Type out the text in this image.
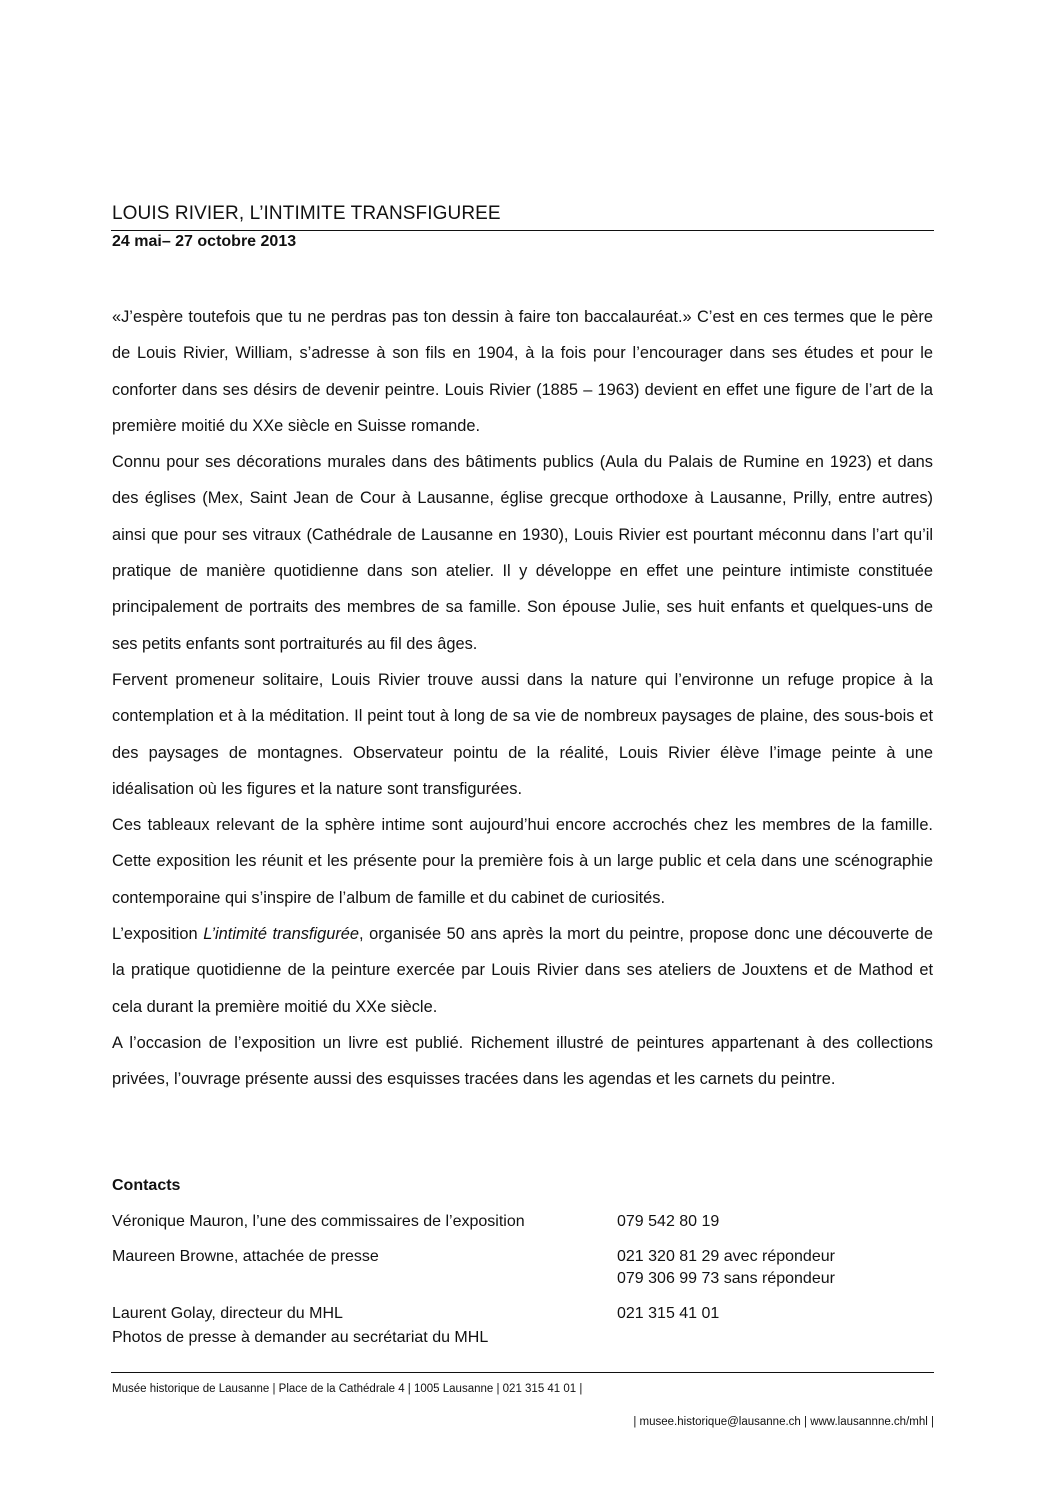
LOUIS RIVIER, L’INTIMITE TRANSFIGUREE
24 mai– 27 octobre 2013

«J’espère toutefois que tu ne perdras pas ton dessin à faire ton baccalauréat.» C’est en ces termes que le père de Louis Rivier, William, s’adresse à son fils en 1904, à la fois pour l’encourager dans ses études et pour le conforter dans ses désirs de devenir peintre. Louis Rivier (1885 – 1963) devient en effet une figure de l’art de la première moitié du XXe siècle en Suisse romande.

Connu pour ses décorations murales dans des bâtiments publics (Aula du Palais de Rumine en 1923) et dans des églises (Mex, Saint Jean de Cour à Lausanne, église grecque orthodoxe à Lausanne, Prilly, entre autres) ainsi que pour ses vitraux (Cathédrale de Lausanne en 1930), Louis Rivier est pourtant méconnu dans l’art qu’il pratique de manière quotidienne dans son atelier. Il y développe en effet une peinture intimiste constituée principalement de portraits des membres de sa famille. Son épouse Julie, ses huit enfants et quelques-uns de ses petits enfants sont portraiturés au fil des âges.

Fervent promeneur solitaire, Louis Rivier trouve aussi dans la nature qui l’environne un refuge propice à la contemplation et à la méditation. Il peint tout à long de sa vie de nombreux paysages de plaine, des sous-bois et des paysages de montagnes. Observateur pointu de la réalité, Louis Rivier élève l’image peinte à une idéalisation où les figures et la nature sont transfigurées.

Ces tableaux relevant de la sphère intime sont aujourd’hui encore accrochés chez les membres de la famille. Cette exposition les réunit et les présente pour la première fois à un large public et cela dans une scénographie contemporaine qui s’inspire de l’album de famille et du cabinet de curiosités.

L’exposition L’intimité transfigurée, organisée 50 ans après la mort du peintre, propose donc une découverte de la pratique quotidienne de la peinture exercée par Louis Rivier dans ses ateliers de Jouxtens et de Mathod et cela durant la première moitié du XXe siècle.

A l’occasion de l’exposition un livre est publié. Richement illustré de peintures appartenant à des collections privées, l’ouvrage présente aussi des esquisses tracées dans les agendas et les carnets du peintre.

Contacts
Véronique Mauron, l’une des commissaires de l’exposition	079 542 80 19
Maureen Browne, attachée de presse	021 320 81 29 avec répondeur
079 306 99 73 sans répondeur
Laurent Golay, directeur du MHL
Photos de presse à demander au secrétariat du MHL
021 315 41 01
Musée historique de Lausanne | Place de la Cathédrale 4 | 1005 Lausanne | 021 315 41 01 |
| musee.historique@lausanne.ch | www.lausannne.ch/mhl |
